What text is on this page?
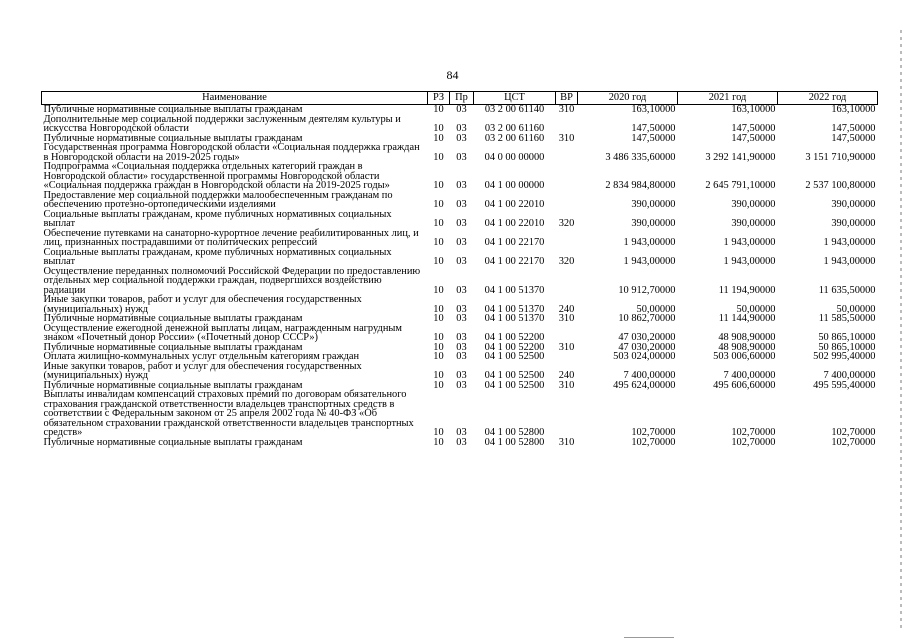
84
Наименование	РЗ	Пр	ЦСТ	ВР	2020 год	2021 год	2022 год
Публичные нормативные социальные выплаты гражданам	10	03	03 2 00 61140	310	163,10000	163,10000	163,10000
Дополнительные мер социальной поддержки заслуженным деятелям культуры и искусства Новгородской области	10	03	03 2 00 61160		147,50000	147,50000	147,50000
Публичные нормативные социальные выплаты гражданам	10	03	03 2 00 61160	310	147,50000	147,50000	147,50000
Государственная программа Новгородской области «Социальная поддержка граждан в Новгородской области на 2019-2025 годы»	10	03	04 0 00 00000		3 486 335,60000	3 292 141,90000	3 151 710,90000
Подпрограмма «Социальная поддержка отдельных категорий граждан в Новгородской области» государственной программы Новгородской области «Социальная поддержка граждан в Новгородской области на 2019-2025 годы»	10	03	04 1 00 00000		2 834 984,80000	2 645 791,10000	2 537 100,80000
Предоставление мер социальной поддержки малообеспеченным гражданам по обеспечению протезно-ортопедическими изделиями	10	03	04 1 00 22010		390,00000	390,00000	390,00000
Социальные выплаты гражданам, кроме публичных нормативных социальных выплат	10	03	04 1 00 22010	320	390,00000	390,00000	390,00000
Обеспечение путевками на санаторно-курортное лечение реабилитированных лиц, и лиц, признанных пострадавшими от политических репрессий	10	03	04 1 00 22170		1 943,00000	1 943,00000	1 943,00000
Социальные выплаты гражданам, кроме публичных нормативных социальных выплат	10	03	04 1 00 22170	320	1 943,00000	1 943,00000	1 943,00000
Осуществление переданных полномочий Российской Федерации по предоставлению отдельных мер социальной поддержки граждан, подвергшихся воздействию радиации	10	03	04 1 00 51370		10 912,70000	11 194,90000	11 635,50000
Иные закупки товаров, работ и услуг для обеспечения государственных (муниципальных) нужд	10	03	04 1 00 51370	240	50,00000	50,00000	50,00000
Публичные нормативные социальные выплаты гражданам	10	03	04 1 00 51370	310	10 862,70000	11 144,90000	11 585,50000
Осуществление ежегодной денежной выплаты лицам, награжденным нагрудным знаком «Почетный донор России» («Почетный донор СССР»)	10	03	04 1 00 52200		47 030,20000	48 908,90000	50 865,10000
Публичные нормативные социальные выплаты гражданам	10	03	04 1 00 52200	310	47 030,20000	48 908,90000	50 865,10000
Оплата жилищно-коммунальных услуг отдельным категориям граждан	10	03	04 1 00 52500		503 024,00000	503 006,60000	502 995,40000
Иные закупки товаров, работ и услуг для обеспечения государственных (муниципальных) нужд	10	03	04 1 00 52500	240	7 400,00000	7 400,00000	7 400,00000
Публичные нормативные социальные выплаты гражданам	10	03	04 1 00 52500	310	495 624,00000	495 606,60000	495 595,40000
Выплаты инвалидам компенсаций страховых премий по договорам обязательного страхования гражданской ответственности владельцев транспортных средств в соответствии с Федеральным законом от 25 апреля 2002 года № 40-ФЗ «Об обязательном страховании гражданской ответственности владельцев транспортных средств»	10	03	04 1 00 52800		102,70000	102,70000	102,70000
Публичные нормативные социальные выплаты гражданам	10	03	04 1 00 52800	310	102,70000	102,70000	102,70000
